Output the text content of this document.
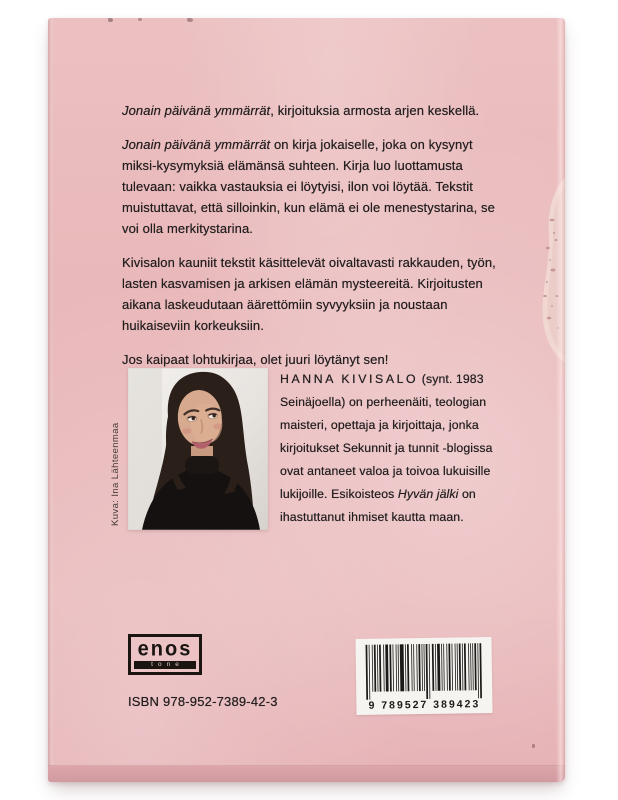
Jonain päivänä ymmärrät, kirjoituksia armosta arjen keskellä.

Jonain päivänä ymmärrät on kirja jokaiselle, joka on kysynyt miksi-kysymyksiä elämänsä suhteen. Kirja luo luottamusta tulevaan: vaikka vastauksia ei löytyisi, ilon voi löytää. Tekstit muistuttavat, että silloinkin, kun elämä ei ole menestystarina, se voi olla merkitystarina.

Kivisalon kauniit tekstit käsittelevät oivaltavasti rakkauden, työn, lasten kasvamisen ja arkisen elämän mysteereitä. Kirjoitusten aikana laskeudutaan äärettömiin syvyyksiin ja noustaan huikaiseviin korkeuksiin.

Jos kaipaat lohtukirjaa, olet juuri löytänyt sen!

HANNA KIVISALO (synt. 1983 Seinäjoella) on perheenäiti, teologian maisteri, opettaja ja kirjoittaja, jonka kirjoitukset Sekunnit ja tunnit -blogissa ovat antaneet valoa ja toivoa lukuisille lukijoille. Esikoisteos Hyvän jälki on ihastuttanut ihmiset kautta maan.
Kuva: Ina Lähteenmaa
enos
tone
ISBN 978-952-7389-42-3	9 789527 389423
